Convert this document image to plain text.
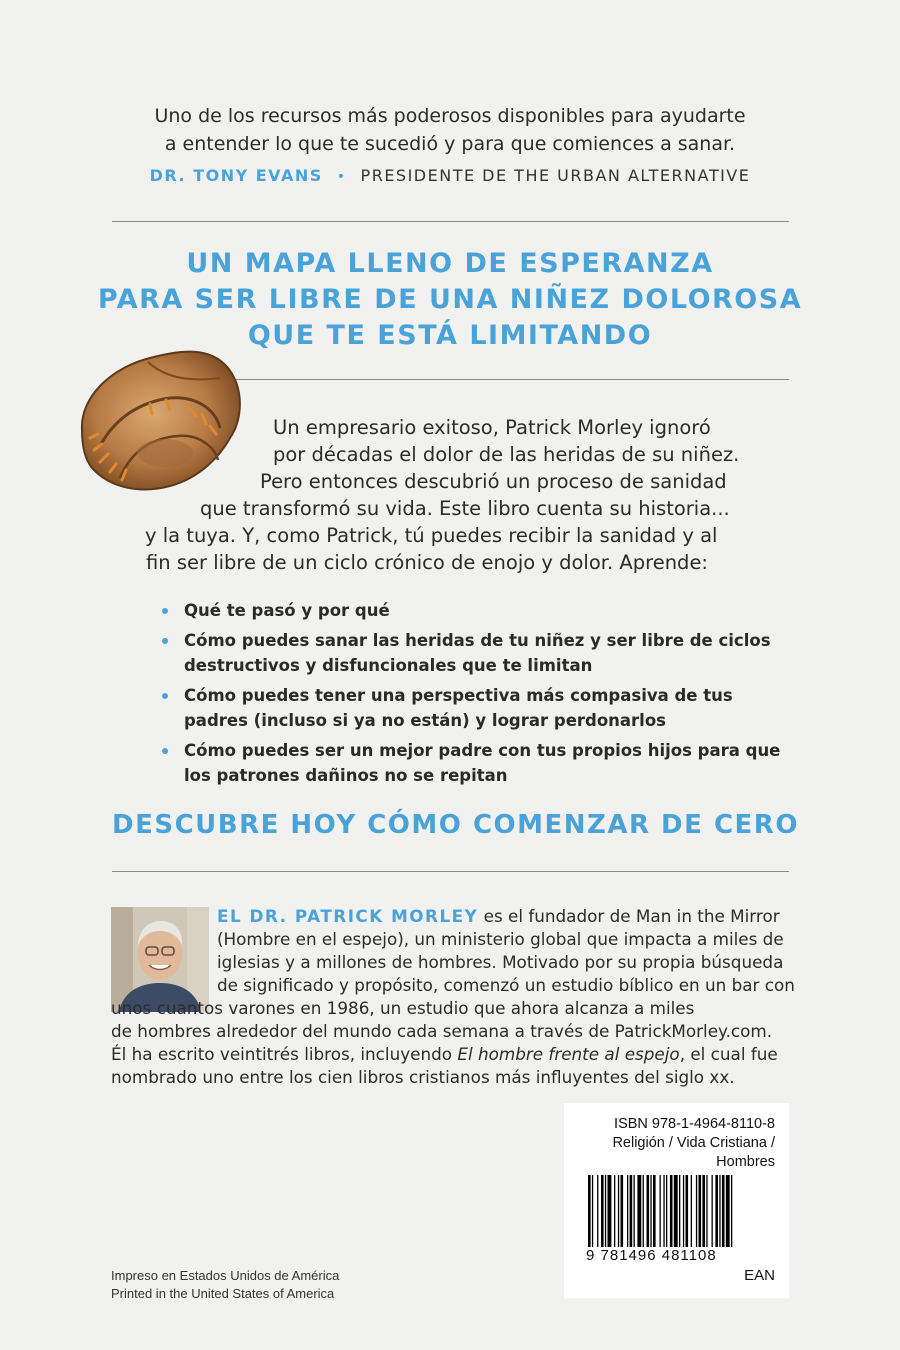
Uno de los recursos más poderosos disponibles para ayudarte
a entender lo que te sucedió y para que comiences a sanar.
DR. TONY EVANS • PRESIDENTE DE THE URBAN ALTERNATIVE
UN MAPA LLENO DE ESPERANZA
PARA SER LIBRE DE UNA NIÑEZ DOLOROSA
QUE TE ESTÁ LIMITANDO
Un empresario exitoso, Patrick Morley ignoró
por décadas el dolor de las heridas de su niñez.
Pero entonces descubrió un proceso de sanidad
que transformó su vida. Este libro cuenta su historia...
y la tuya. Y, como Patrick, tú puedes recibir la sanidad y al
fin ser libre de un ciclo crónico de enojo y dolor. Aprende:
Qué te pasó y por qué
Cómo puedes sanar las heridas de tu niñez y ser libre de ciclos destructivos y disfuncionales que te limitan
Cómo puedes tener una perspectiva más compasiva de tus padres (incluso si ya no están) y lograr perdonarlos
Cómo puedes ser un mejor padre con tus propios hijos para que los patrones dañinos no se repitan
DESCUBRE HOY CÓMO COMENZAR DE CERO
EL DR. PATRICK MORLEY es el fundador de Man in the Mirror
(Hombre en el espejo), un ministerio global que impacta a miles de
iglesias y a millones de hombres. Motivado por su propia búsqueda
de significado y propósito, comenzó un estudio bíblico en un bar con
unos cuantos varones en 1986, un estudio que ahora alcanza a miles
de hombres alrededor del mundo cada semana a través de PatrickMorley.com.
Él ha escrito veintitrés libros, incluyendo El hombre frente al espejo, el cual fue
nombrado uno entre los cien libros cristianos más influyentes del siglo xx.
ISBN 978-1-4964-8110-8
Religión / Vida Cristiana /
Hombres
9 781496 481108
EAN
Impreso en Estados Unidos de América
Printed in the United States of America
